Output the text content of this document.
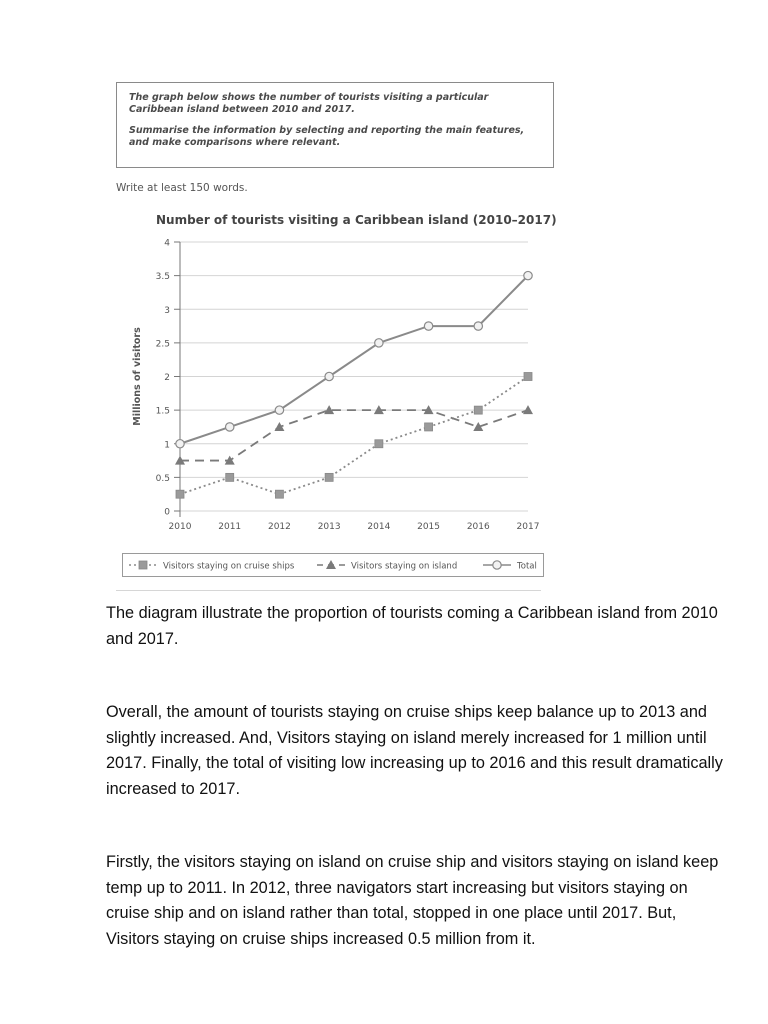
The graph below shows the number of tourists visiting a particular Caribbean island between 2010 and 2017.

Summarise the information by selecting and reporting the main features, and make comparisons where relevant.

Write at least 150 words.
Number of tourists visiting a Caribbean island (2010–2017)
0
0.5
1
1.5
2
2.5
3
3.5
4
Millions of visitors
2010	2011	2012	2013	2014	2015	2016	2017
Visitors staying on cruise ships	Visitors staying on island	Total

The diagram illustrate the proportion of tourists coming a Caribbean island from 2010 and 2017.

Overall, the amount of tourists staying on cruise ships keep balance up to 2013 and slightly increased. And, Visitors staying on island merely increased for 1 million until 2017. Finally, the total of visiting low increasing up to 2016 and this result dramatically increased to 2017.

Firstly, the visitors staying on island on cruise ship and visitors staying on island keep temp up to 2011. In 2012, three navigators start increasing but visitors staying on cruise ship and on island rather than total, stopped in one place until 2017. But, Visitors staying on cruise ships increased 0.5 million from it.
